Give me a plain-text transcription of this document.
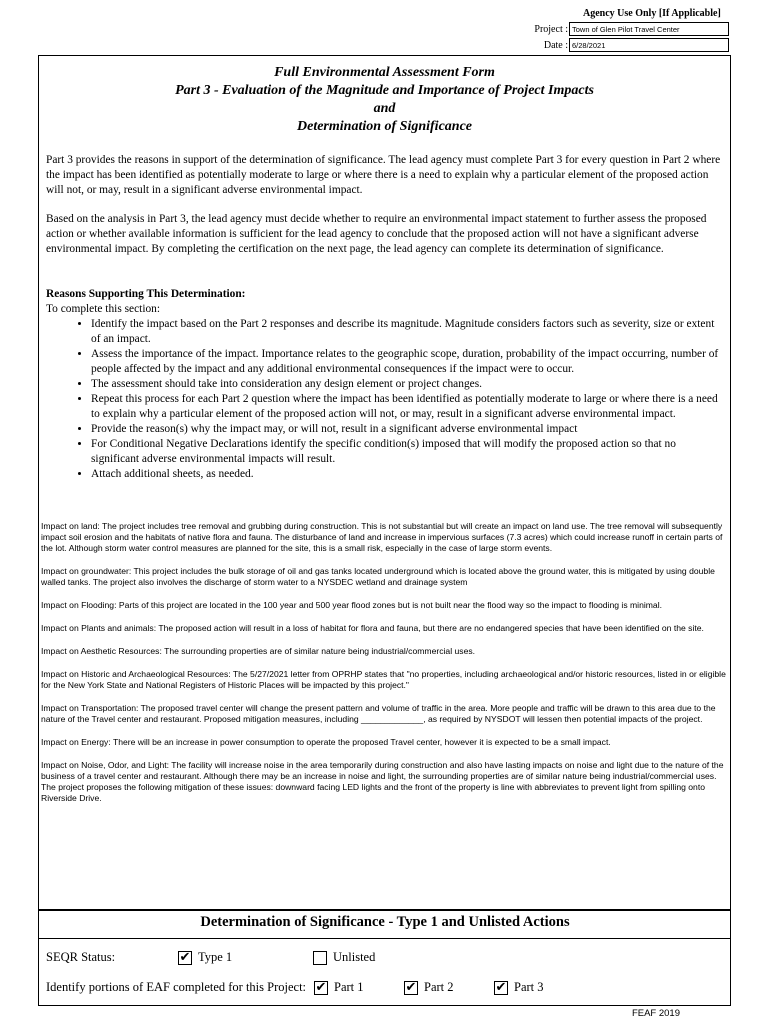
Agency Use Only [If Applicable]
Project : Town of Glen Pilot Travel Center
Date : 6/28/2021
Full Environmental Assessment Form
Part 3 - Evaluation of the Magnitude and Importance of Project Impacts
and
Determination of Significance

Part 3 provides the reasons in support of the determination of significance. The lead agency must complete Part 3 for every question in Part 2 where the impact has been identified as potentially moderate to large or where there is a need to explain why a particular element of the proposed action will not, or may, result in a significant adverse environmental impact.

Based on the analysis in Part 3, the lead agency must decide whether to require an environmental impact statement to further assess the proposed action or whether available information is sufficient for the lead agency to conclude that the proposed action will not have a significant adverse environmental impact. By completing the certification on the next page, the lead agency can complete its determination of significance.

Reasons Supporting This Determination:

To complete this section:

• Identify the impact based on the Part 2 responses and describe its magnitude. Magnitude considers factors such as severity, size or extent of an impact.
• Assess the importance of the impact. Importance relates to the geographic scope, duration, probability of the impact occurring, number of people affected by the impact and any additional environmental consequences if the impact were to occur.
• The assessment should take into consideration any design element or project changes.
• Repeat this process for each Part 2 question where the impact has been identified as potentially moderate to large or where there is a need to explain why a particular element of the proposed action will not, or may, result in a significant adverse environmental impact.
• Provide the reason(s) why the impact may, or will not, result in a significant adverse environmental impact
• For Conditional Negative Declarations identify the specific condition(s) imposed that will modify the proposed action so that no significant adverse environmental impacts will result.
• Attach additional sheets, as needed.

Impact on land: The project includes tree removal and grubbing during construction. This is not substantial but will create an impact on land use. The tree removal will subsequently impact soil erosion and the habitats of native flora and fauna. The disturbance of land and increase in impervious surfaces (7.3 acres) which could increase runoff in certain parts of the lot. Although storm water control measures are planned for the site, this is a small risk, especially in the case of large storm events.

Impact on groundwater: This project includes the bulk storage of oil and gas tanks located underground which is located above the ground water, this is mitigated by using double walled tanks. The project also involves the discharge of storm water to a NYSDEC wetland and drainage system

Impact on Flooding: Parts of this project are located in the 100 year and 500 year flood zones but is not built near the flood way so the impact to flooding is minimal.

Impact on Plants and animals: The proposed action will result in a loss of habitat for flora and fauna, but there are no endangered species that have been identified on the site.

Impact on Aesthetic Resources: The surrounding properties are of similar nature being industrial/commercial uses.

Impact on Historic and Archaeological Resources: The 5/27/2021 letter from OPRHP states that "no properties, including archaeological and/or historic resources, listed in or eligible for the New York State and National Registers of Historic Places will be impacted by this project."

Impact on Transportation: The proposed travel center will change the present pattern and volume of traffic in the area. More people and traffic will be drawn to this area due to the nature of the Travel center and restaurant. Proposed mitigation measures, including _____________, as required by NYSDOT will lessen then potential impacts of the project.

Impact on Energy: There will be an increase in power consumption to operate the proposed Travel center, however it is expected to be a small impact.

Impact on Noise, Odor, and Light: The facility will increase noise in the area temporarily during construction and also have lasting impacts on noise and light due to the nature of the business of a travel center and restaurant. Although there may be an increase in noise and light, the surrounding properties are of similar nature being industrial/commercial uses. The project proposes the following mitigation of these issues: downward facing LED lights and the front of the property is line with abbreviates to prevent light from spilling onto Riverside Drive.

Determination of Significance - Type 1 and Unlisted Actions
SEQR Status:	✔ Type 1	Unlisted
Identify portions of EAF completed for this Project: ✔ Part 1	✔ Part 2	✔ Part 3
FEAF 2019
